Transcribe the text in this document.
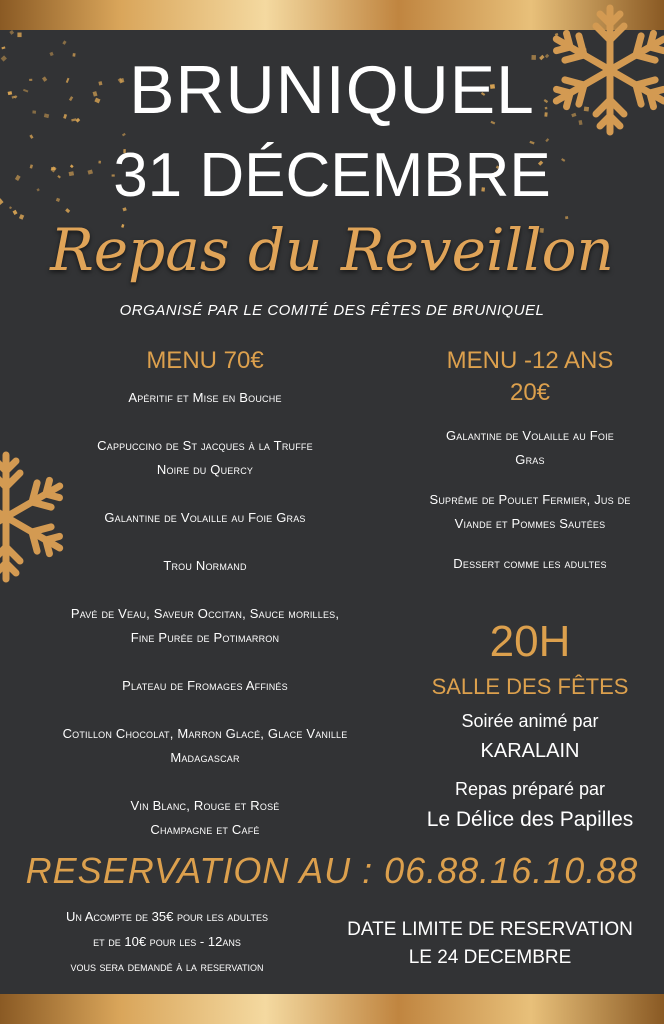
BRUNIQUEL
31 DÉCEMBRE
Repas du Reveillon
ORGANISÉ PAR LE COMITÉ DES FÊTES DE BRUNIQUEL
MENU 70€
Apéritif et Mise en Bouche
Cappuccino de St jacques à la Truffe
Noire du Quercy
Galantine de Volaille au Foie Gras
Trou Normand
Pavé de Veau, Saveur Occitan, Sauce morilles,
Fine Purée de Potimarron
Plateau de Fromages Affinés
Cotillon Chocolat, Marron Glacé, Glace Vanille
Madagascar
Vin Blanc, Rouge et Rosé
Champagne et Café
MENU -12 ANS
20€
Galantine de Volaille au Foie
Gras
Suprême de Poulet Fermier, Jus de
Viande et Pommes Sautées
Dessert comme les adultes
20H
SALLE DES FÊTES
Soirée animé par
KARALAIN
Repas préparé par
Le Délice des Papilles
RESERVATION AU : 06.88.16.10.88
Un Acompte de 35€ pour les adultes
et de 10€ pour les - 12ans
vous sera demandé à la reservation
DATE LIMITE DE RESERVATION
LE 24 DECEMBRE
